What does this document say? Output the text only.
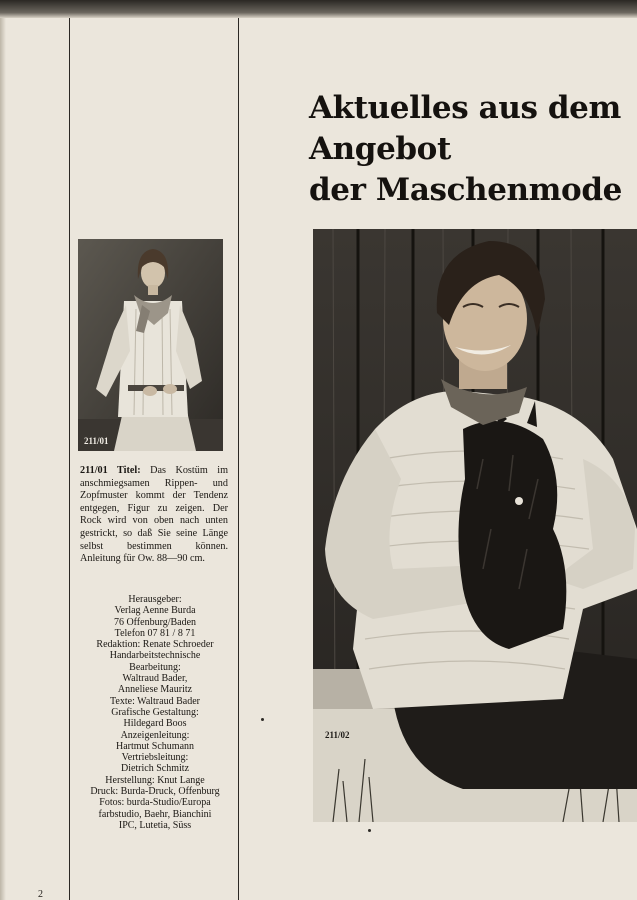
Aktuelles aus dem
Angebot
der Maschenmode
211/01

211/01 Titel: Das Kostüm im anschmiegsamen Rippen- und Zopfmuster kommt der Tendenz entgegen, Figur zu zeigen. Der Rock wird von oben nach unten gestrickt, so daß Sie seine Länge selbst bestimmen können. Anleitung für Ow. 88—90 cm.

Herausgeber:
Verlag Aenne Burda
76 Offenburg/Baden
Telefon 07 81 / 8 71
Redaktion: Renate Schroeder
Handarbeitstechnische
Bearbeitung:
Waltraud Bader,
Anneliese Mauritz
Texte: Waltraud Bader
Grafische Gestaltung:
Hildegard Boos
Anzeigenleitung:
Hartmut Schumann
Vertriebsleitung:
Dietrich Schmitz
Herstellung: Knut Lange
Druck: Burda-Druck, Offenburg
Fotos: burda-Studio/Europa
farbstudio, Baehr, Bianchini
IPC, Lutetia, Süss
211/02
2
